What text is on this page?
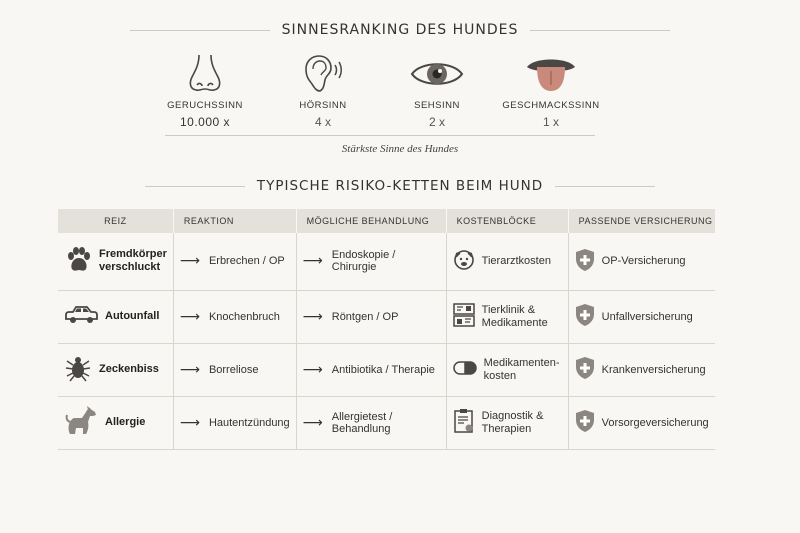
SINNESRANKING DES HUNDES
GERUCHSSINN
10.000 x
HÖRSINN
4 x
SEHSINN
2 x
GESCHMACKSSINN
1 x
Stärkste Sinne des Hundes
TYPISCHE RISIKO-KETTEN BEIM HUND
REIZ	REAKTION	MÖGLICHE BEHANDLUNG	KOSTENBLÖCKE	PASSENDE VERSICHERUNG

Fremdkörper verschluckt	⟶ Erbrechen / OP	⟶ Endoskopie / Chirurgie	Tierarztkosten	OP-Versicherung

Autounfall	⟶ Knochenbruch	⟶ Röntgen / OP	Tierklinik & Medikamente	Unfallversicherung

Zeckenbiss	⟶ Borreliose	⟶ Antibiotika / Therapie	Medikamenten-kosten	Krankenversicherung

Allergie	⟶ Hautentzündung	⟶ Allergietest / Behandlung	Diagnostik & Therapien	Vorsorgeversicherung
